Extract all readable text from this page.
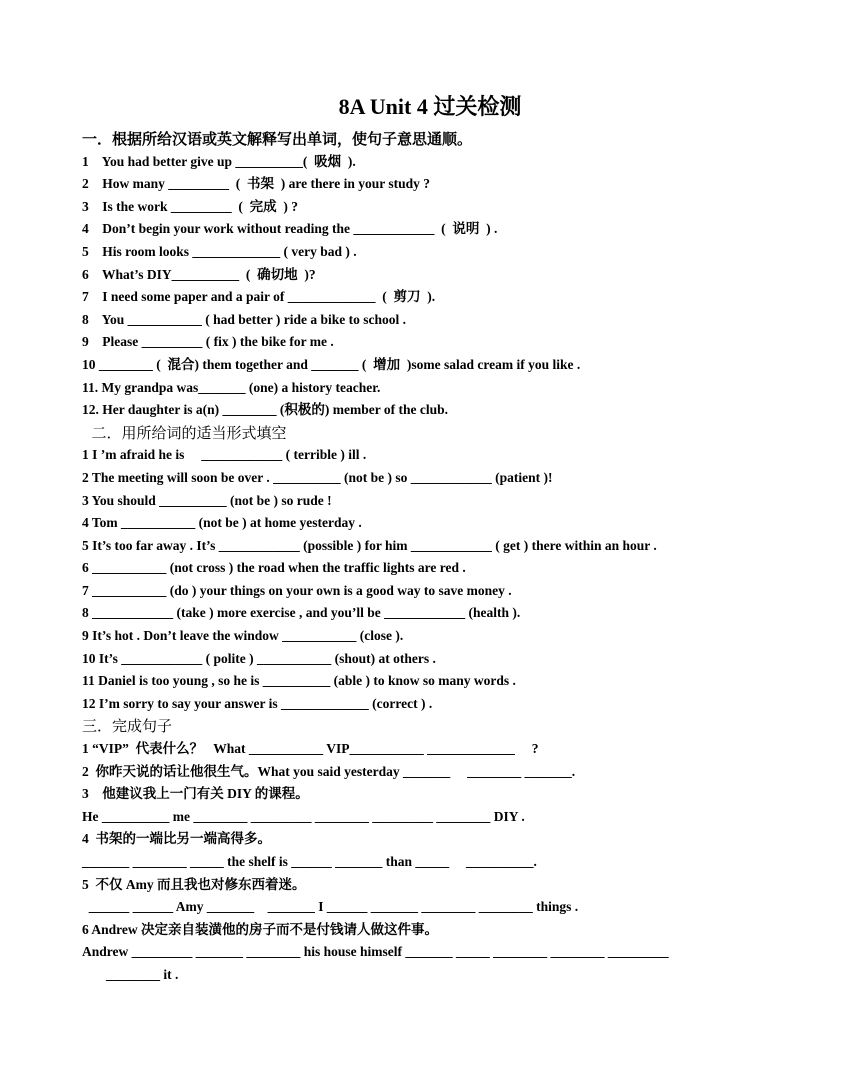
8A Unit 4 过关检测
一．根据所给汉语或英文解释写出单词，使句子意思通顺。
1    You had better give up __________(  吸烟  ).
2    How many _________  (  书架  ) are there in your study ?
3    Is the work _________  (  完成  ) ?
4    Don’t begin your work without reading the ____________  (  说明  ) .
5    His room looks _____________ ( very bad ) .
6    What’s DIY__________  (  确切地  )?
7    I need some paper and a pair of _____________  (  剪刀  ).
8    You ___________ ( had better ) ride a bike to school .
9    Please _________ ( fix ) the bike for me .
10 ________ (  混合) them together and _______ (  增加  )some salad cream if you like .
11. My grandpa was_______ (one) a history teacher.
12. Her daughter is a(n) ________ (积极的) member of the club.
二．用所给词的适当形式填空
1 I ’m afraid he is     ____________ ( terrible ) ill .
2 The meeting will soon be over . __________ (not be ) so ____________ (patient )!
3 You should __________ (not be ) so rude !
4 Tom ___________ (not be ) at home yesterday .
5 It’s too far away . It’s ____________ (possible ) for him ____________ ( get ) there within an hour .
6 ___________ (not cross ) the road when the traffic lights are red .
7 ___________ (do ) your things on your own is a good way to save money .
8 ____________ (take ) more exercise , and you’ll be ____________ (health ).
9 It’s hot . Don’t leave the window ___________ (close ).
10 It’s ____________ ( polite ) ___________ (shout) at others .
11 Daniel is too young , so he is __________ (able ) to know so many words .
12 I’m sorry to say your answer is _____________ (correct ) .
三．完成句子
1 “VIP”  代表什么？   What ___________ VIP___________ _____________     ?
2  你昨天说的话让他很生气。What you said yesterday _______     ________ _______.
3    他建议我上一门有关 DIY 的课程。
He __________ me ________ _________ ________ _________ ________ DIY .
4  书架的一端比另一端高得多。
_______ ________ _____ the shelf is ______ _______ than _____     __________.
5  不仅 Amy 而且我也对修东西着迷。
______ ______ Amy _______    _______ I ______ _______ ________ ________ things .
6 Andrew 决定亲自装潢他的房子而不是付钱请人做这件事。
Andrew _________ _______ ________ his house himself _______ _____ ________ ________ _________
________ it .
